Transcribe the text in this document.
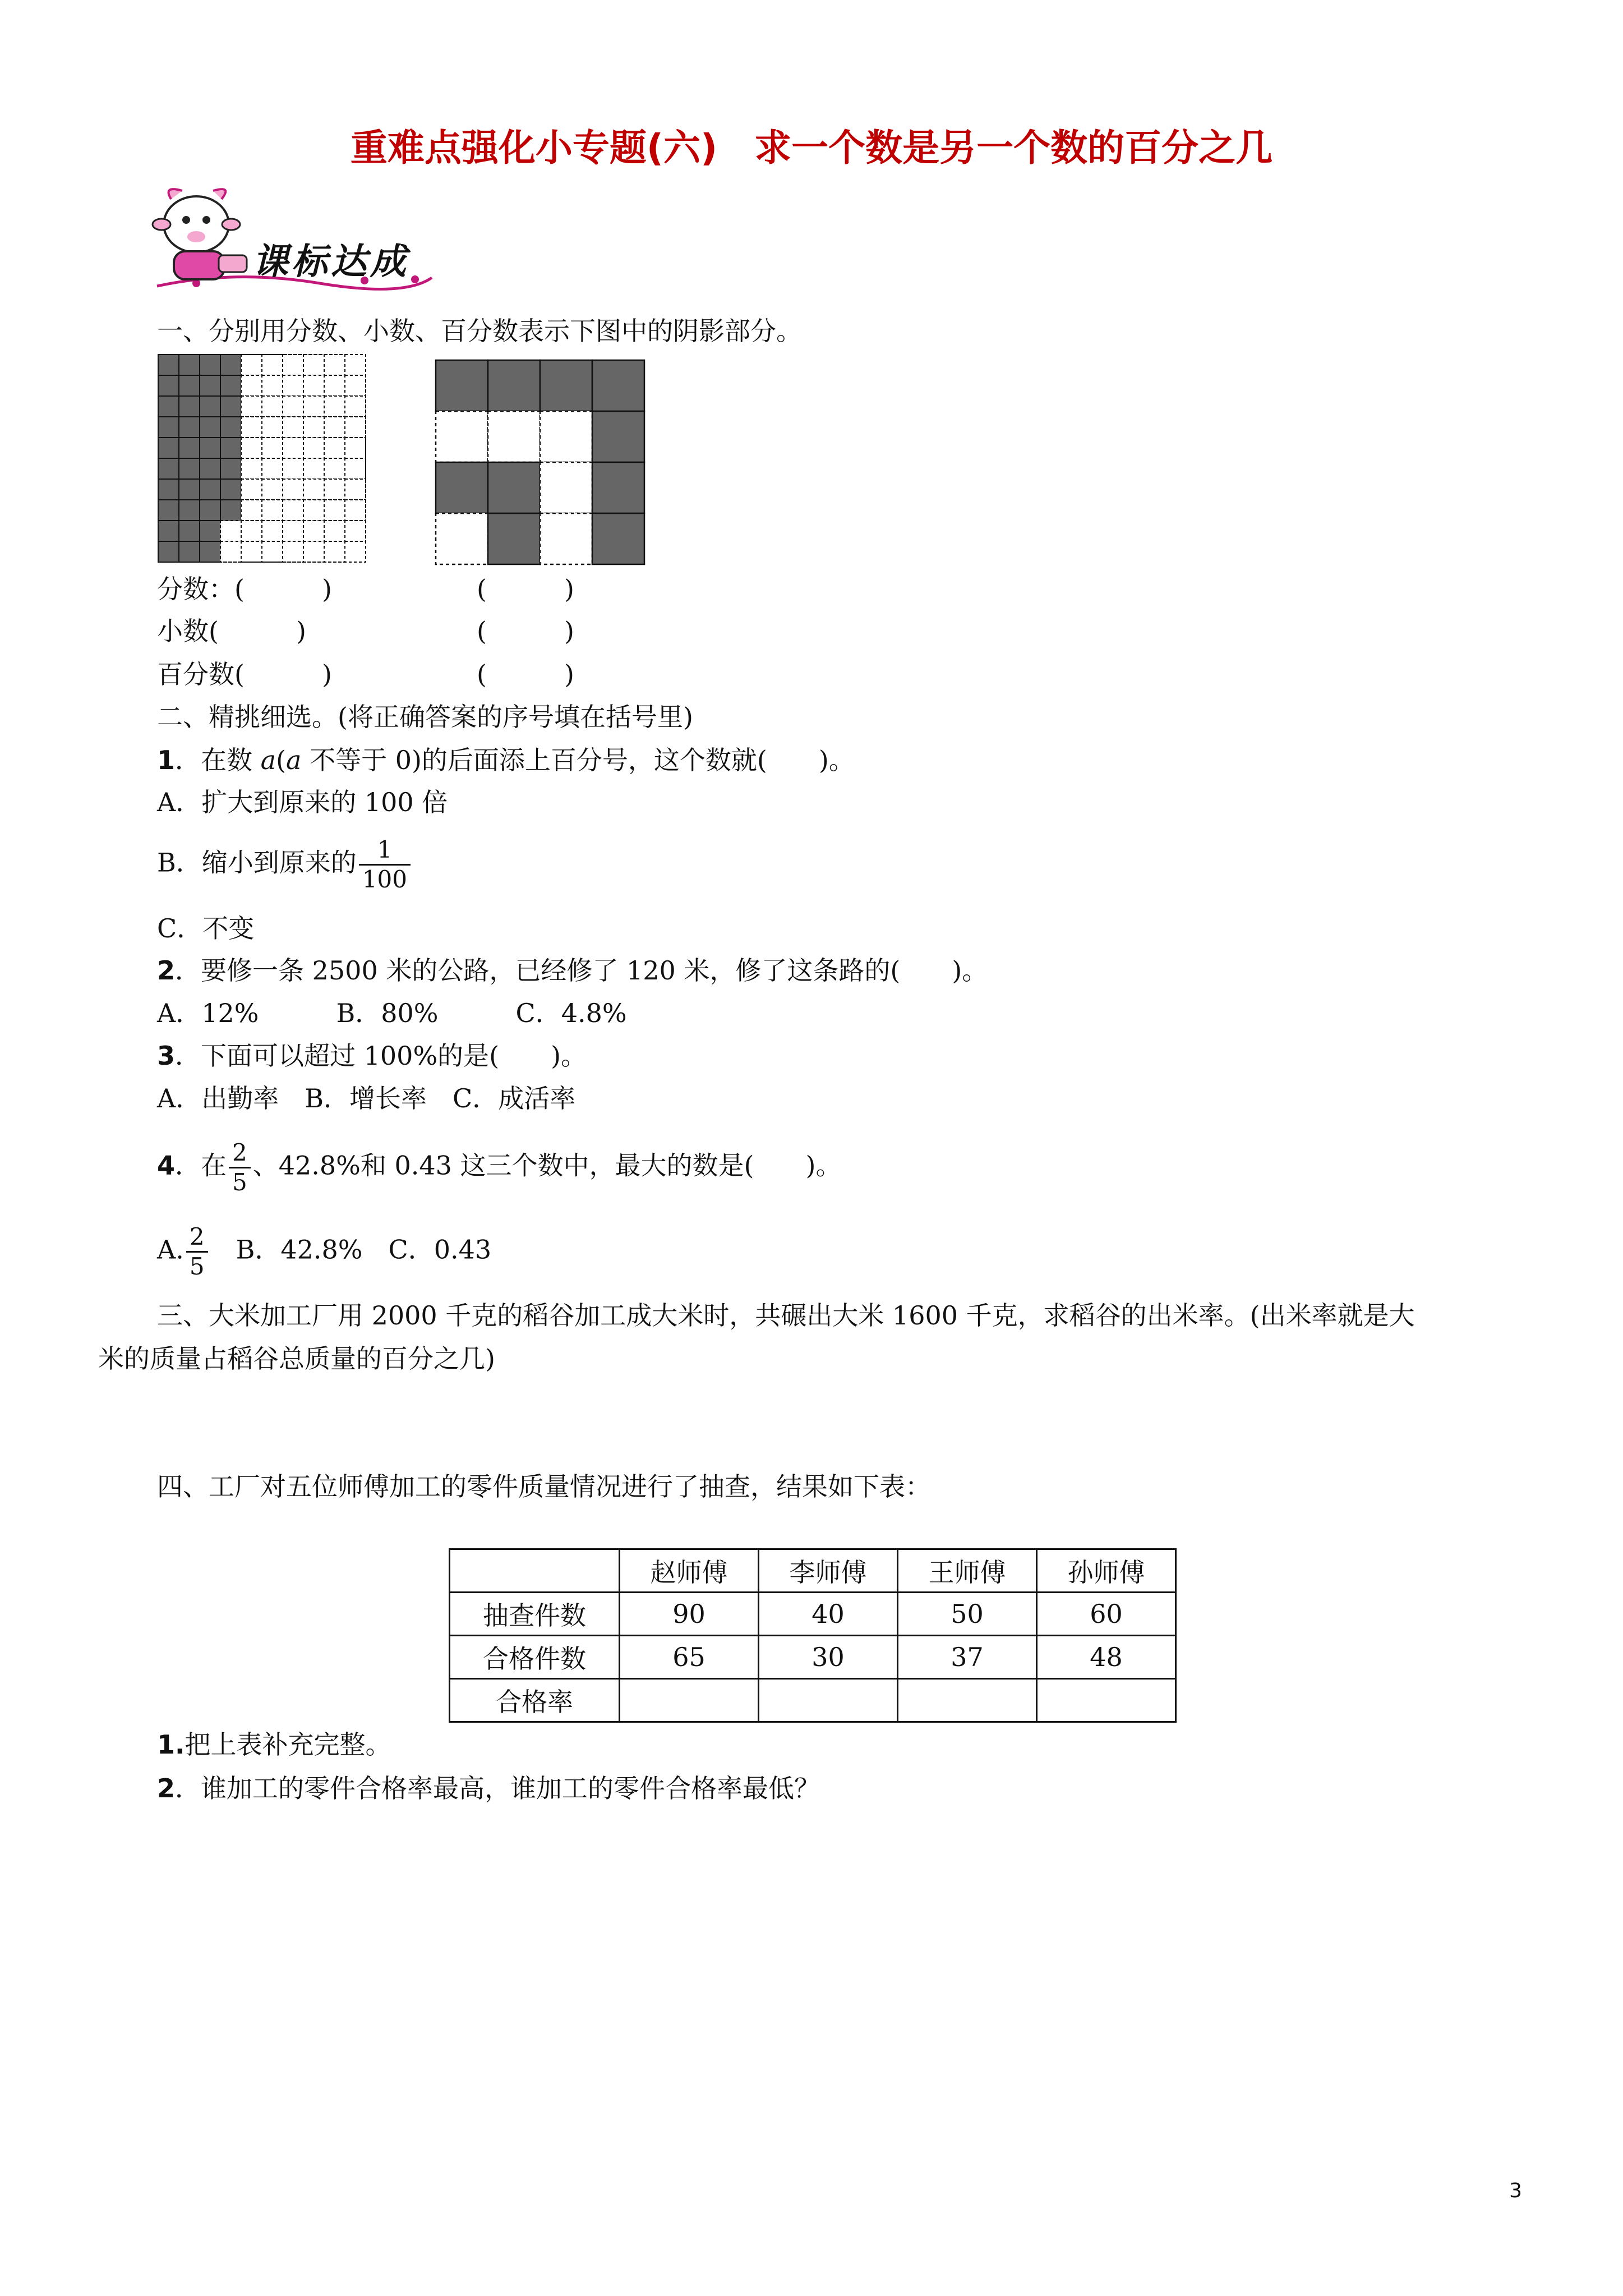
重难点强化小专题(六)　求一个数是另一个数的百分之几
课标达成
一、分别用分数、小数、百分数表示下图中的阴影部分。
分数：(　　　)	(　　　)
小数(　　　)	(　　　)
百分数(　　　)	(　　　)
二、精挑细选。(将正确答案的序号填在括号里)
1．在数 a(a 不等于 0)的后面添上百分号，这个数就(　　)。
A．扩大到原来的 100 倍
B．缩小到原来的 $\frac{1}{100}$
C．不变
2．要修一条 2500 米的公路，已经修了 120 米，修了这条路的(　　)。
A．12%　　　B．80%　　　C．4.8%
3．下面可以超过 100%的是(　　)。
A．出勤率　B．增长率　C．成活率
4．在 $\frac{2}{5}$ 、42.8%和 0.43 这三个数中，最大的数是(　　)。
A. $\frac{2}{5}$ 　B．42.8%　C．0.43
三、大米加工厂用 2000 千克的稻谷加工成大米时，共碾出大米 1600 千克，求稻谷的出米率。(出米率就是大
米的质量占稻谷总质量的百分之几)
四、工厂对五位师傅加工的零件质量情况进行了抽查，结果如下表：
	赵师傅	李师傅	王师傅	孙师傅
抽查件数	90	40	50	60
合格件数	65	30	37	48
合格率				
1.把上表补充完整。
2．谁加工的零件合格率最高，谁加工的零件合格率最低？
3
